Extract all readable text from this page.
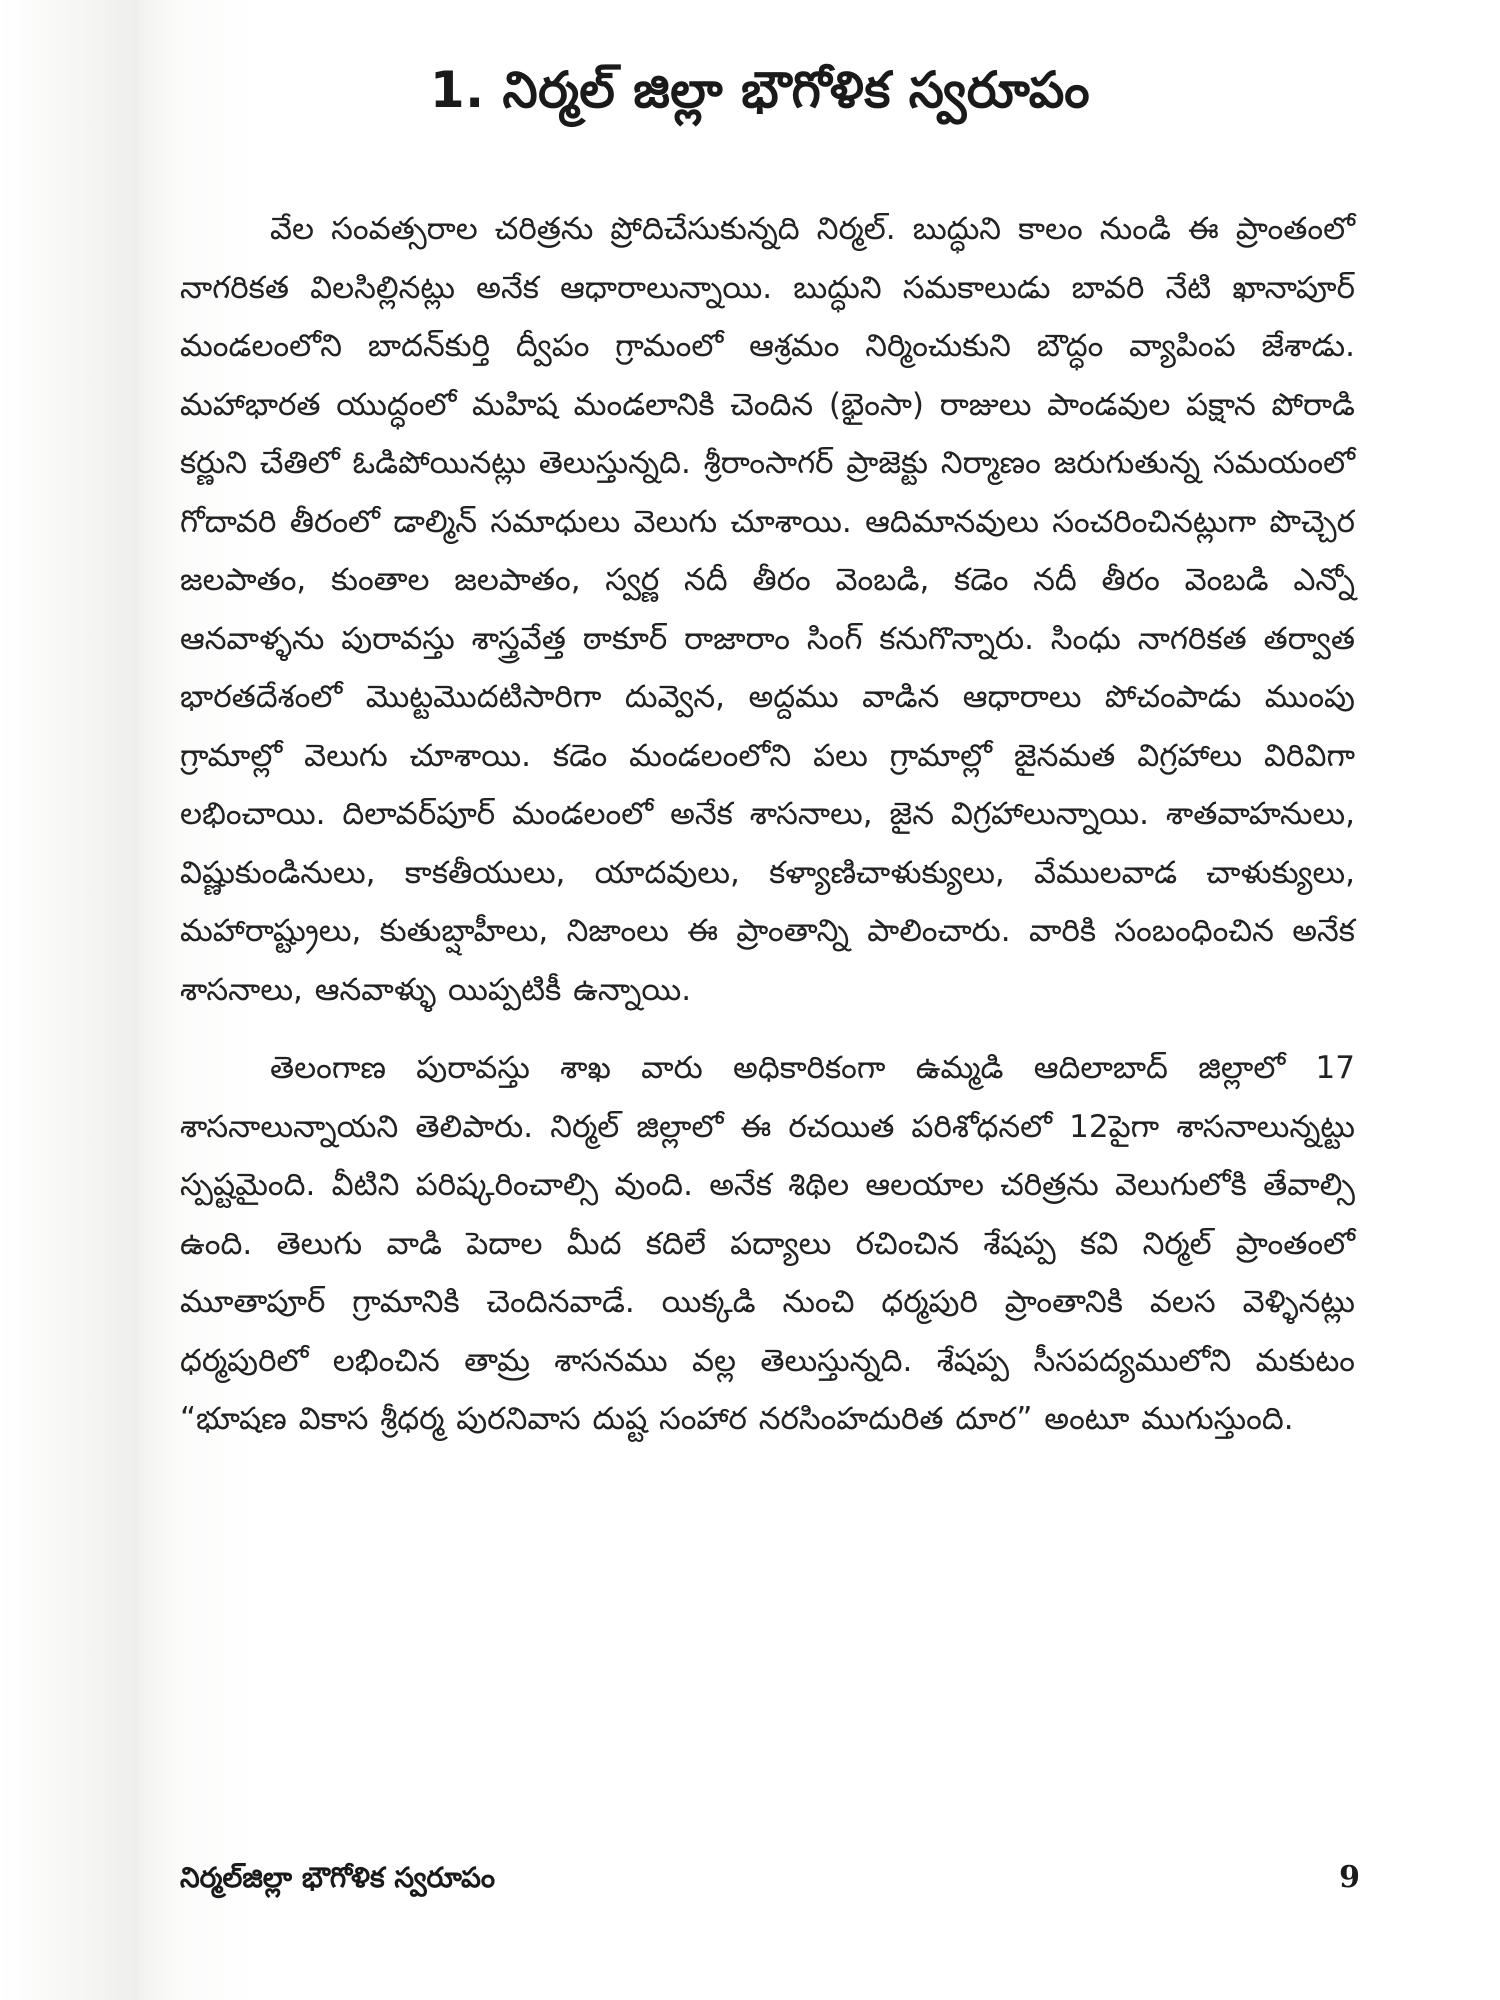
1. నిర్మల్ జిల్లా భౌగోళిక స్వరూపం

వేల సంవత్సరాల చరిత్రను ప్రోదిచేసుకున్నది నిర్మల్. బుద్ధుని కాలం నుండి ఈ ప్రాంతంలో నాగరికత విలసిల్లినట్లు అనేక ఆధారాలున్నాయి. బుద్ధుని సమకాలుడు బావరి నేటి ఖానాపూర్ మండలంలోని బాదన్‌కుర్తి ద్వీపం గ్రామంలో ఆశ్రమం నిర్మించుకుని బౌద్ధం వ్యాపింప జేశాడు. మహాభారత యుద్ధంలో మహిష మండలానికి చెందిన (భైంసా) రాజులు పాండవుల పక్షాన పోరాడి కర్ణుని చేతిలో ఓడిపోయినట్లు తెలుస్తున్నది. శ్రీరాంసాగర్ ప్రాజెక్టు నిర్మాణం జరుగుతున్న సమయంలో గోదావరి తీరంలో డాల్మిన్ సమాధులు వెలుగు చూశాయి. ఆదిమానవులు సంచరించినట్లుగా పొచ్చెర జలపాతం, కుంతాల జలపాతం, స్వర్ణ నదీ తీరం వెంబడి, కడెం నదీ తీరం వెంబడి ఎన్నో ఆనవాళ్ళను పురావస్తు శాస్త్రవేత్త ఠాకూర్ రాజారాం సింగ్ కనుగొన్నారు. సింధు నాగరికత తర్వాత భారతదేశంలో మొట్టమొదటిసారిగా దువ్వెన, అద్దము వాడిన ఆధారాలు పోచంపాడు ముంపు గ్రామాల్లో వెలుగు చూశాయి. కడెం మండలంలోని పలు గ్రామాల్లో జైనమత విగ్రహాలు విరివిగా లభించాయి. దిలావర్‌పూర్ మండలంలో అనేక శాసనాలు, జైన విగ్రహాలున్నాయి. శాతవాహనులు, విష్ణుకుండినులు, కాకతీయులు, యాదవులు, కళ్యాణిచాళుక్యులు, వేములవాడ చాళుక్యులు, మహారాష్ట్రులు, కుతుబ్షాహీలు, నిజాంలు ఈ ప్రాంతాన్ని పాలించారు. వారికి సంబంధించిన అనేక శాసనాలు, ఆనవాళ్ళు యిప్పటికీ ఉన్నాయి.

తెలంగాణ పురావస్తు శాఖ వారు అధికారికంగా ఉమ్మడి ఆదిలాబాద్ జిల్లాలో 17 శాసనాలున్నాయని తెలిపారు. నిర్మల్ జిల్లాలో ఈ రచయిత పరిశోధనలో 12పైగా శాసనాలున్నట్టు స్పష్టమైంది. వీటిని పరిష్కరించాల్సి వుంది. అనేక శిథిల ఆలయాల చరిత్రను వెలుగులోకి తేవాల్సి ఉంది. తెలుగు వాడి పెదాల మీద కదిలే పద్యాలు రచించిన శేషప్ప కవి నిర్మల్ ప్రాంతంలో మూతాపూర్ గ్రామానికి చెందినవాడే. యిక్కడి నుంచి ధర్మపురి ప్రాంతానికి వలస వెళ్ళినట్లు ధర్మపురిలో లభించిన తామ్ర శాసనము వల్ల తెలుస్తున్నది. శేషప్ప సీసపద్యములోని మకుటం “భూషణ వికాస శ్రీధర్మ పురనివాస దుష్ట సంహార నరసింహదురిత దూర” అంటూ ముగుస్తుంది.

నిర్మల్‌జిల్లా భౌగోళిక స్వరూపం	9
